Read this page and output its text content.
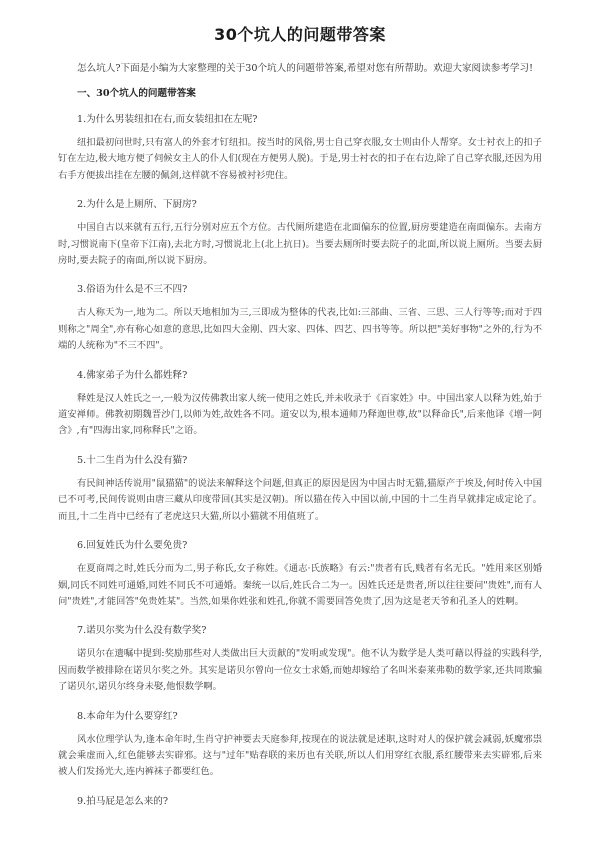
30个坑人的问题带答案

怎么坑人?下面是小编为大家整理的关于30个坑人的问题带答案,希望对您有所帮助。欢迎大家阅读参考学习!

一、30个坑人的问题带答案
1.为什么男装纽扣在右,而女装纽扣在左呢?

纽扣最初问世时,只有富人的外套才钉纽扣。按当时的风俗,男士自己穿衣服,女士则由仆人帮穿。女士衬衣上的扣子钉在左边,极大地方便了伺候女主人的仆人们(现在方便男人脱)。于是,男士衬衣的扣子在右边,除了自己穿衣服,还因为用右手方便拔出挂在左腰的佩剑,这样就不容易被衬衫兜住。

2.为什么是上厕所、下厨房?

中国自古以来就有五行,五行分别对应五个方位。古代厕所建造在北面偏东的位置,厨房要建造在南面偏东。去南方时,习惯说南下(皇帝下江南),去北方时,习惯说北上(北上抗日)。当要去厕所时要去院子的北面,所以说上厕所。当要去厨房时,要去院子的南面,所以说下厨房。

3.俗语为什么是不三不四?

古人称天为一,地为二。所以天地相加为三,三即成为整体的代表,比如:三部曲、三省、三思、三人行等等;而对于四则称之"周全",亦有称心如意的意思,比如四大金刚、四大家、四体、四艺、四书等等。所以把"美好事物"之外的,行为不端的人统称为"不三不四"。

4.佛家弟子为什么都姓释?

释姓是汉人姓氏之一,一般为汉传佛教出家人统一使用之姓氏,并未收录于《百家姓》中。中国出家人以释为姓,始于道安禅师。佛教初期魏晋沙门,以师为姓,故姓各不同。道安以为,根本通师乃释迦世尊,故"以释命氏",后来他译《增一阿含》,有"四海出家,同称释氏"之语。

5.十二生肖为什么没有猫?

有民间神话传说用"鼠猫猫"的说法来解释这个问题,但真正的原因是因为中国古时无猫,猫原产于埃及,何时传入中国已不可考,民间传说则由唐三藏从印度带回(其实是汉朝)。所以猫在传入中国以前,中国的十二生肖早就排定成定论了。而且,十二生肖中已经有了老虎这只大猫,所以小猫就不用值班了。

6.回复姓氏为什么要免贵?

在夏商周之时,姓氏分而为二,男子称氏,女子称姓。《通志·氏族略》有云:"贵者有氏,贱者有名无氏。"姓用来区别婚姻,同氏不同姓可通婚,同姓不同氏不可通婚。秦统一以后,姓氏合二为一。因姓氏还是贵者,所以往往要问"贵姓",而有人问"贵姓",才能回答"免贵姓某"。当然,如果你姓张和姓孔,你就不需要回答免贵了,因为这是老天爷和孔圣人的姓啊。

7.诺贝尔奖为什么没有数学奖?

诺贝尔在遗嘱中提到:奖励那些对人类做出巨大贡献的"发明或发现"。他不认为数学是人类可藉以得益的实践科学,因而数学被排除在诺贝尔奖之外。其实是诺贝尔曾向一位女士求婚,而她却嫁给了名叫米泰莱弗勒的数学家,还共同欺骗了诺贝尔,诺贝尔终身未娶,他恨数学啊。

8.本命年为什么要穿红?

风水位理学认为,逢本命年时,生肖守护神要去天庭参拜,按现在的说法就是述职,这时对人的保护就会减弱,妖魔邪祟就会乘虚而入,红色能够去实辟邪。这与"过年"贴春联的来历也有关联,所以人们用穿红衣服,系红腰带来去实辟邪,后来被人们发扬光大,连内裤袜子都要红色。

9.拍马屁是怎么来的?
